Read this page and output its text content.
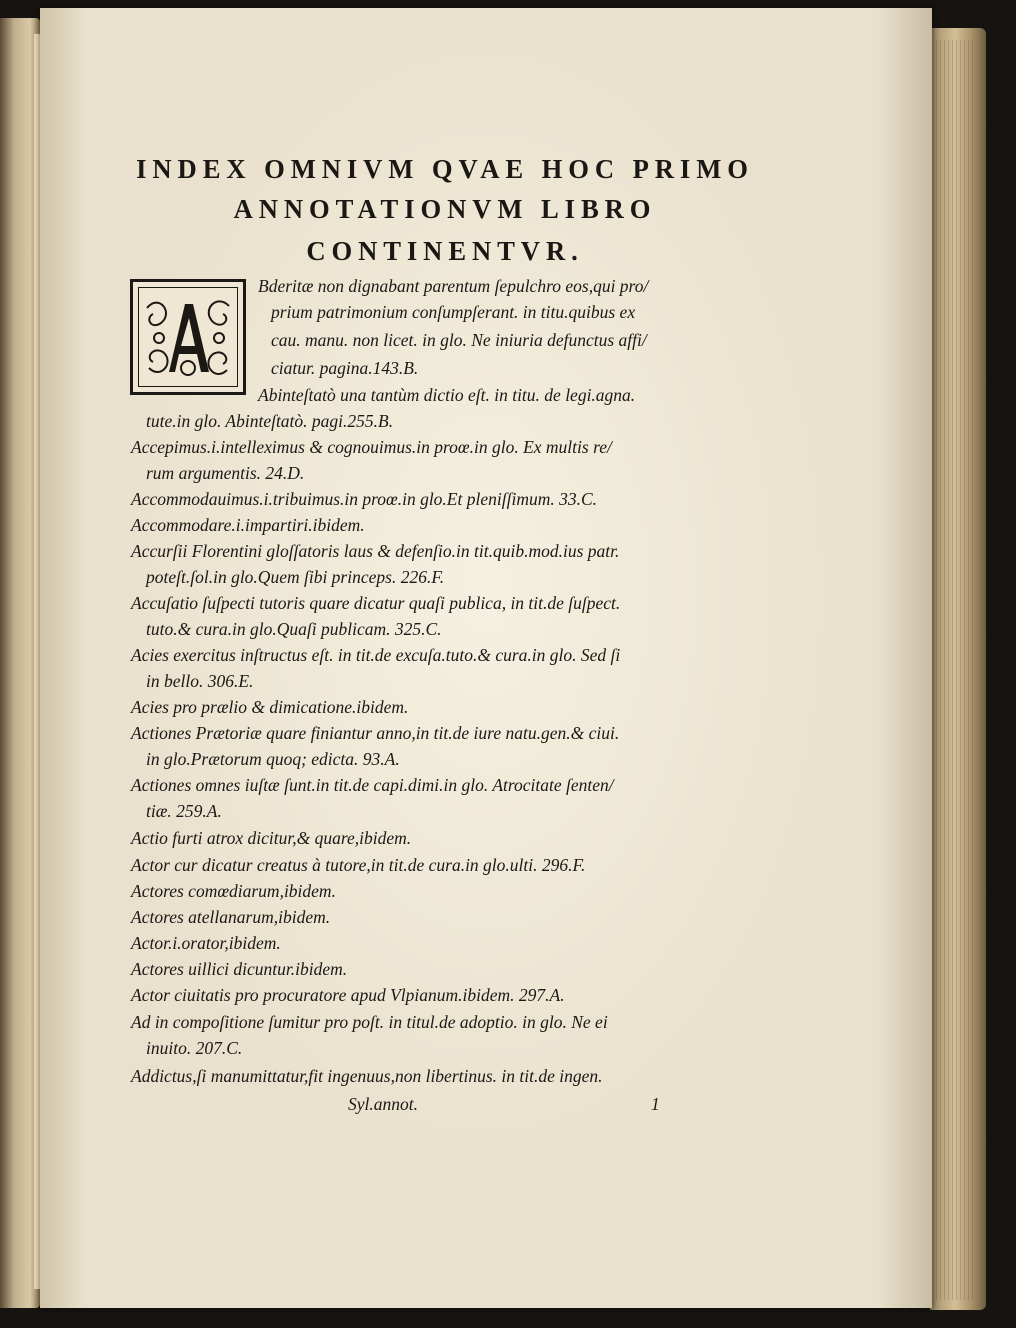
INDEX OMNIVM QVAE HOC PRIMO
ANNOTATIONVM LIBRO
CONTINENTVR.
Bderitæ non dignabant parentum ſepulchro eos,qui pro/
prium patrimonium conſumpſerant. in titu.quibus ex
cau. manu. non licet. in glo. Ne iniuria defunctus affi/
ciatur. pagina.143.B.
Abinteſtatò una tantùm dictio eſt. in titu. de legi.agna.
tute.in glo. Abinteſtatò. pagi.255.B.
Accepimus.i.intelleximus & cognouimus.in proœ.in glo. Ex multis re/
rum argumentis. 24.D.
Accommodauimus.i.tribuimus.in proœ.in glo.Et pleniſſimum. 33.C.
Accommodare.i.impartiri.ibidem.
Accurſii Florentini gloſſatoris laus & defenſio.in tit.quib.mod.ius patr.
poteſt.ſol.in glo.Quem ſibi princeps. 226.F.
Accuſatio ſuſpecti tutoris quare dicatur quaſi publica, in tit.de ſuſpect.
tuto.& cura.in glo.Quaſi publicam. 325.C.
Acies exercitus inſtructus eſt. in tit.de excuſa.tuto.& cura.in glo. Sed ſi
in bello. 306.E.
Acies pro prælio & dimicatione.ibidem.
Actiones Prætoriæ quare finiantur anno,in tit.de iure natu.gen.& ciui.
in glo.Prætorum quoq; edicta. 93.A.
Actiones omnes iuſtæ ſunt.in tit.de capi.dimi.in glo. Atrocitate ſenten/
tiæ. 259.A.
Actio furti atrox dicitur,& quare,ibidem.
Actor cur dicatur creatus à tutore,in tit.de cura.in glo.ulti. 296.F.
Actores comœdiarum,ibidem.
Actores atellanarum,ibidem.
Actor.i.orator,ibidem.
Actores uillici dicuntur.ibidem.
Actor ciuitatis pro procuratore apud Vlpianum.ibidem. 297.A.
Ad in compoſitione ſumitur pro poſt. in titul.de adoptio. in glo. Ne ei
inuito. 207.C.
Addictus,ſi manumittatur,fit ingenuus,non libertinus. in tit.de ingen.
Syl.annot.	1
